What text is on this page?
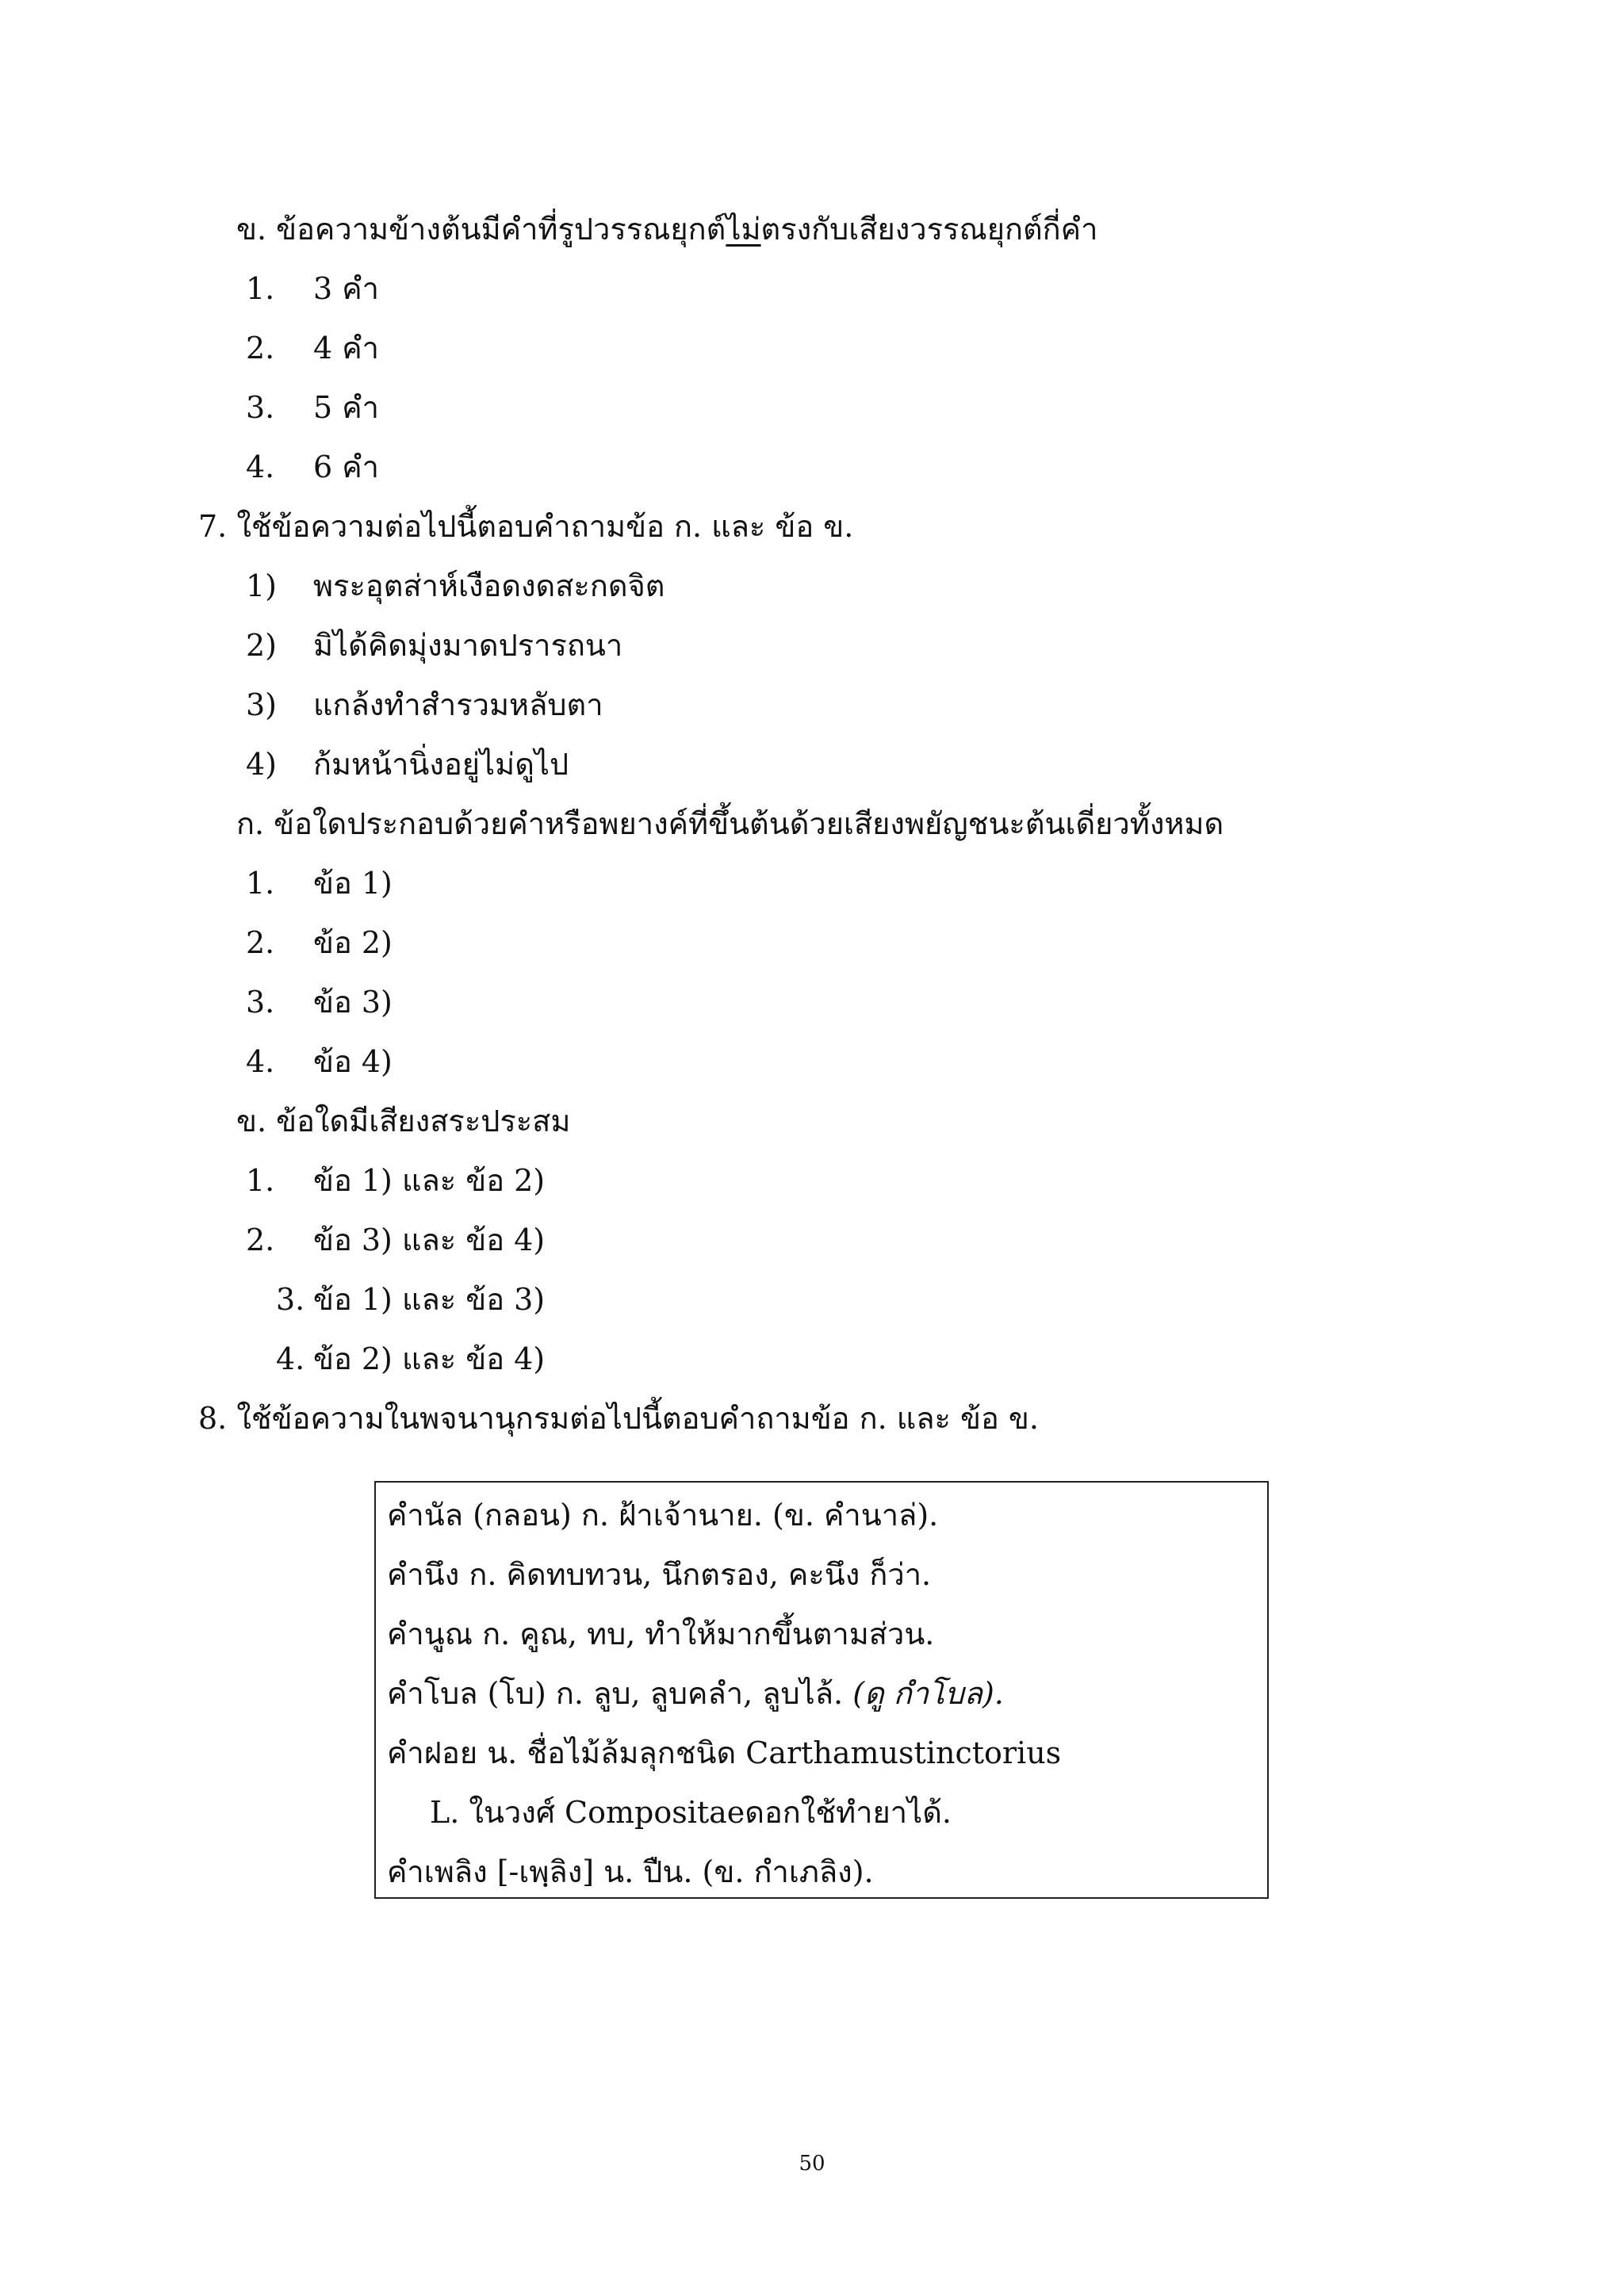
ข. ข้อความข้างต้นมีคำที่รูปวรรณยุกต์ไม่ตรงกับเสียงวรรณยุกต์กี่คำ
1. 3 คำ
2. 4 คำ
3. 5 คำ
4. 6 คำ
7. ใช้ข้อความต่อไปนี้ตอบคำถามข้อ ก. และ ข้อ ข.
1) พระอุตส่าห์เงือดงดสะกดจิต
2) มิได้คิดมุ่งมาดปรารถนา
3) แกล้งทำสำรวมหลับตา
4) ก้มหน้านิ่งอยู่ไม่ดูไป
ก. ข้อใดประกอบด้วยคำหรือพยางค์ที่ขึ้นต้นด้วยเสียงพยัญชนะต้นเดี่ยวทั้งหมด
1. ข้อ 1)
2. ข้อ 2)
3. ข้อ 3)
4. ข้อ 4)
ข. ข้อใดมีเสียงสระประสม
1. ข้อ 1) และ ข้อ 2)
2. ข้อ 3) และ ข้อ 4)
3. ข้อ 1) และ ข้อ 3)
4. ข้อ 2) และ ข้อ 4)
8. ใช้ข้อความในพจนานุกรมต่อไปนี้ตอบคำถามข้อ ก. และ ข้อ ข.
คำนัล (กลอน) ก. ฝ้าเจ้านาย. (ข. คำนาล่).
คำนึง ก. คิดทบทวน, นึกตรอง, คะนึง ก็ว่า.
คำนูณ ก. คูณ, ทบ, ทำให้มากขึ้นตามส่วน.
คำโบล (โบ) ก. ลูบ, ลูบคลำ, ลูบไล้. (ดู กำโบล).
คำฝอย น. ชื่อไม้ล้มลุกชนิด Carthamustinctorius
L. ในวงศ์ Compositaeดอกใช้ทำยาได้.
คำเพลิง [-เพฺลิง] น. ปืน. (ข. กำเภลิง).
50
